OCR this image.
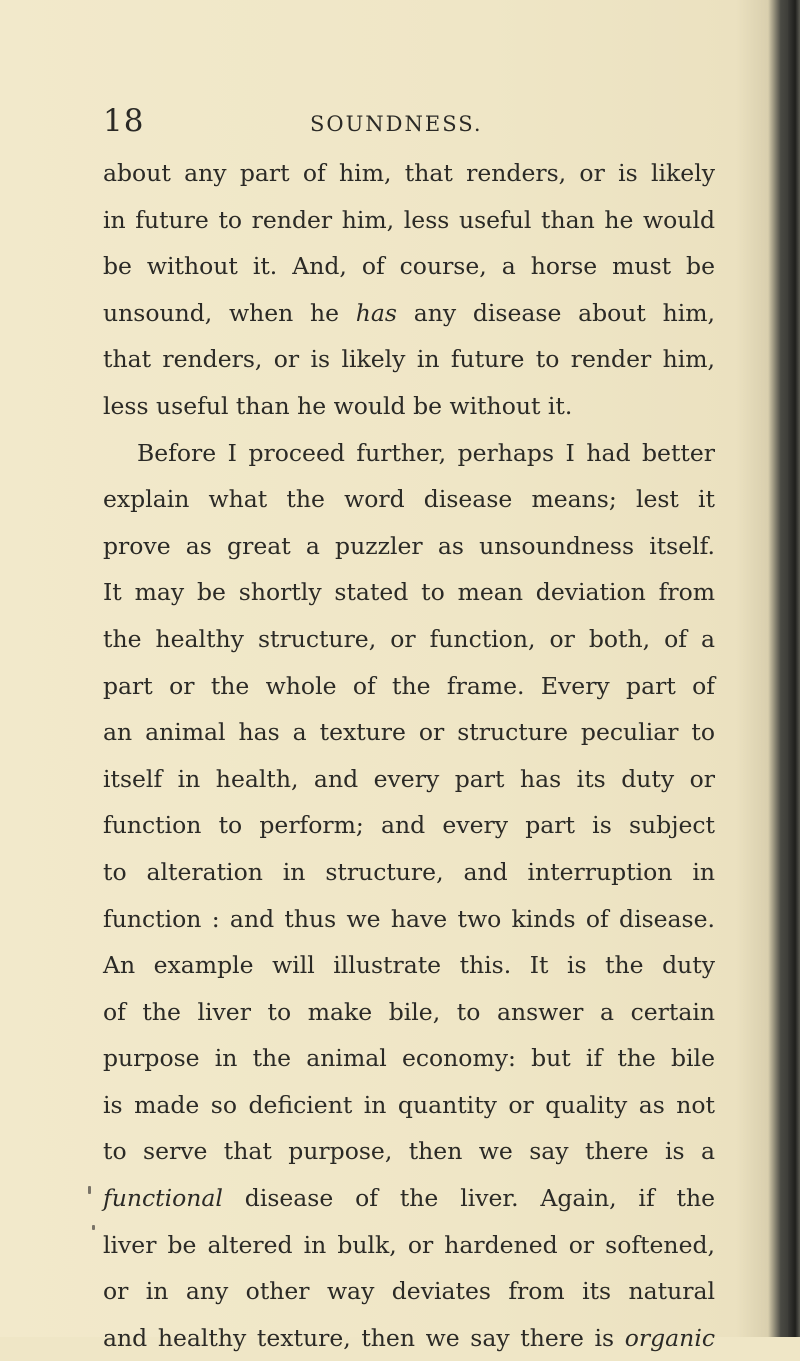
18	SOUNDNESS.
about any part of him, that renders, or is likely
in future to render him, less useful than he would
be without it. And, of course, a horse must be
unsound, when he has any disease about him,
that renders, or is likely in future to render him,
less useful than he would be without it.
Before I proceed further, perhaps I had better
explain what the word disease means; lest it
prove as great a puzzler as unsoundness itself.
It may be shortly stated to mean deviation from
the healthy structure, or function, or both, of a
part or the whole of the frame. Every part of
an animal has a texture or structure peculiar to
itself in health, and every part has its duty or
function to perform; and every part is subject
to alteration in structure, and interruption in
function : and thus we have two kinds of disease.
An example will illustrate this. It is the duty
of the liver to make bile, to answer a certain
purpose in the animal economy: but if the bile
is made so deficient in quantity or quality as not
to serve that purpose, then we say there is a
functional disease of the liver. Again, if the
liver be altered in bulk, or hardened or softened,
or in any other way deviates from its natural
and healthy texture, then we say there is organic
